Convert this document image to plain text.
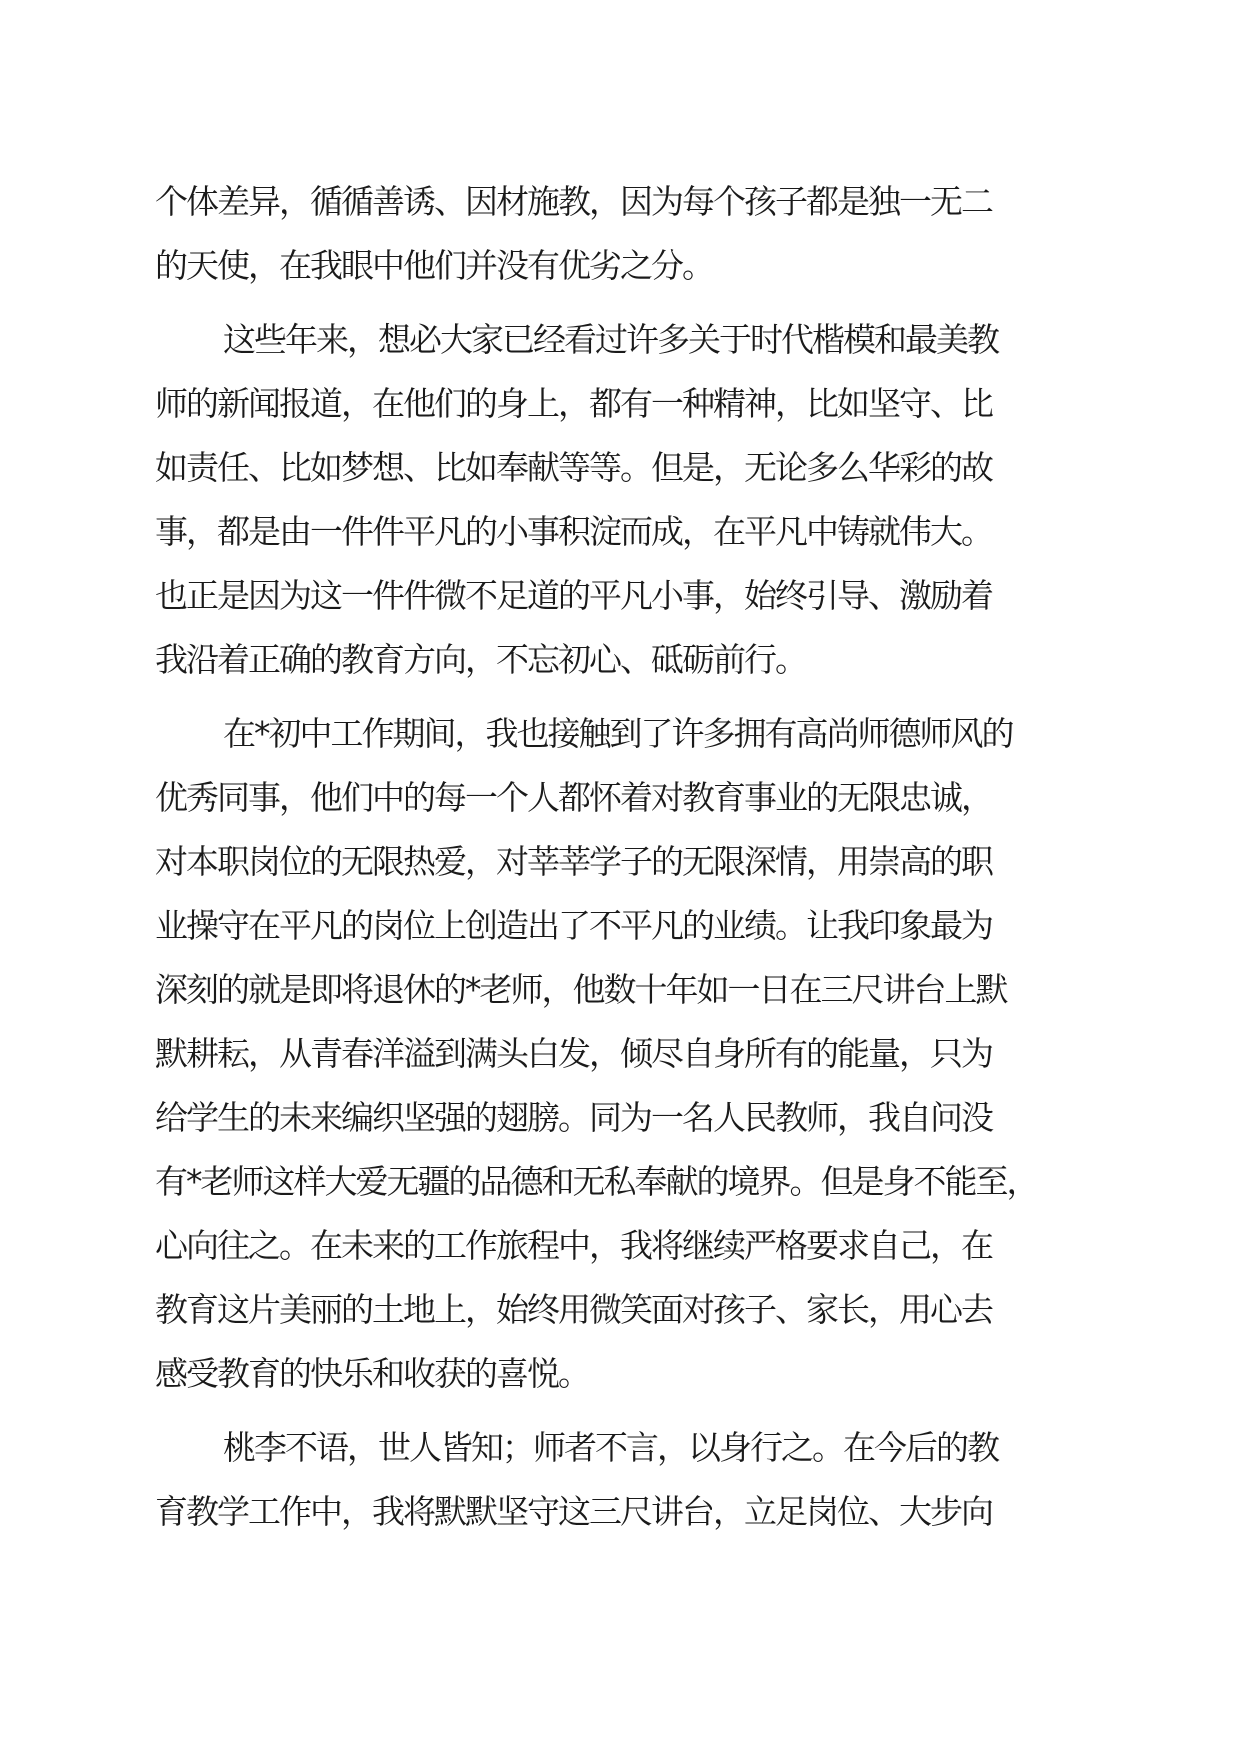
个体差异，循循善诱、因材施教，因为每个孩子都是独一无二
的天使，在我眼中他们并没有优劣之分。
这些年来，想必大家已经看过许多关于时代楷模和最美教
师的新闻报道，在他们的身上，都有一种精神，比如坚守、比
如责任、比如梦想、比如奉献等等。但是，无论多么华彩的故
事，都是由一件件平凡的小事积淀而成，在平凡中铸就伟大。
也正是因为这一件件微不足道的平凡小事，始终引导、激励着
我沿着正确的教育方向，不忘初心、砥砺前行。
在*初中工作期间，我也接触到了许多拥有高尚师德师风的
优秀同事，他们中的每一个人都怀着对教育事业的无限忠诚，
对本职岗位的无限热爱，对莘莘学子的无限深情，用崇高的职
业操守在平凡的岗位上创造出了不平凡的业绩。让我印象最为
深刻的就是即将退休的*老师，他数十年如一日在三尺讲台上默
默耕耘，从青春洋溢到满头白发，倾尽自身所有的能量，只为
给学生的未来编织坚强的翅膀。同为一名人民教师，我自问没
有*老师这样大爱无疆的品德和无私奉献的境界。但是身不能至，
心向往之。在未来的工作旅程中，我将继续严格要求自己，在
教育这片美丽的土地上，始终用微笑面对孩子、家长，用心去
感受教育的快乐和收获的喜悦。
桃李不语，世人皆知；师者不言，以身行之。在今后的教
育教学工作中，我将默默坚守这三尺讲台，立足岗位、大步向
